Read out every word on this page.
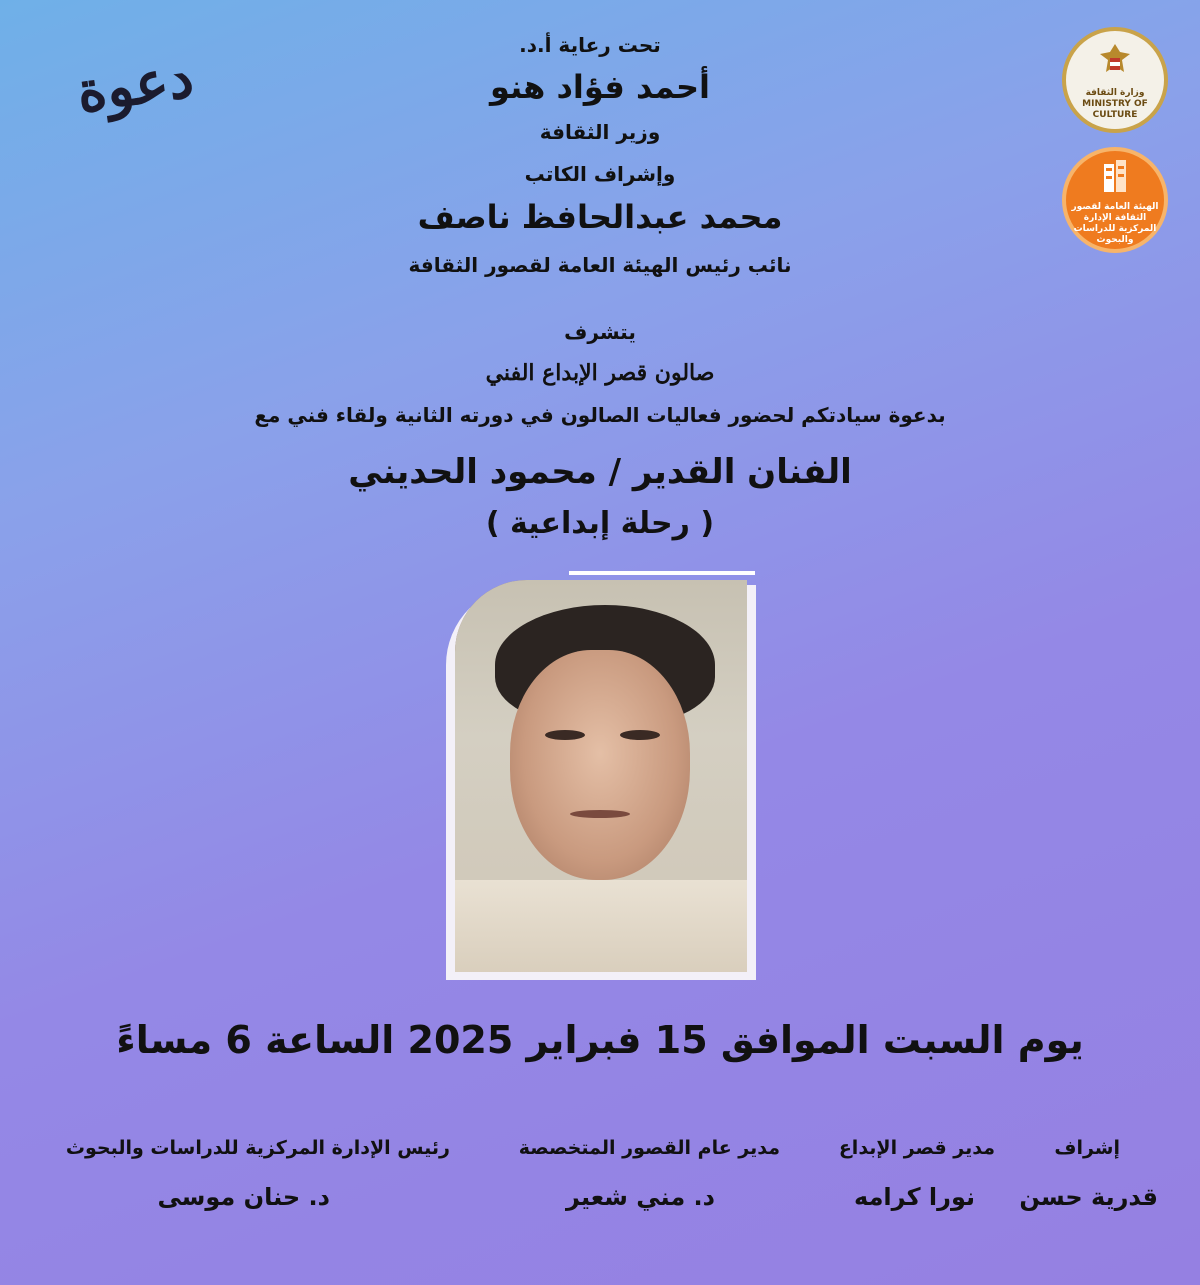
دعوة	وزارة الثقافة MINISTRY OF CULTURE
الهيئة العامة لقصور الثقافة الإدارة المركزية للدراسات والبحوث
تحت رعاية أ.د.
أحمد فؤاد هنو
وزير الثقافة
وإشراف الكاتب
محمد عبدالحافظ ناصف
نائب رئيس الهيئة العامة لقصور الثقافة
يتشرف
صالون قصر الإبداع الفني
بدعوة سيادتكم لحضور فعاليات الصالون في دورته الثانية ولقاء فني مع
الفنان القدير / محمود الحديني
( رحلة إبداعية )
يوم السبت الموافق 15 فبراير 2025 الساعة 6 مساءً
إشراف
قدرية حسن
مدير قصر الإبداع
نورا كرامه
مدير عام القصور المتخصصة
د. مني شعير
رئيس الإدارة المركزية للدراسات والبحوث
د. حنان موسى
